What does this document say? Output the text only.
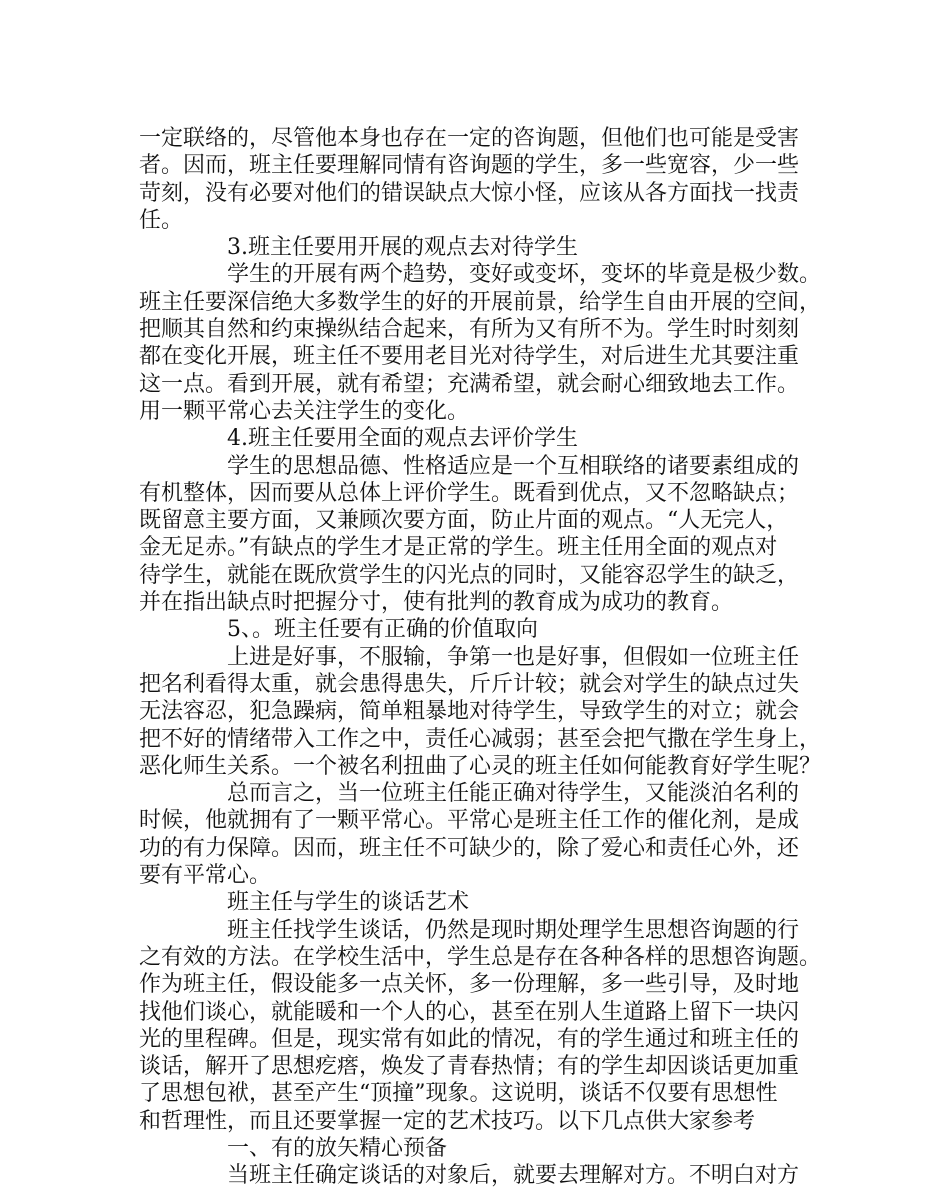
一定联络的，尽管他本身也存在一定的咨询题，但他们也可能是受害
者。因而，班主任要理解同情有咨询题的学生，多一些宽容，少一些
苛刻，没有必要对他们的错误缺点大惊小怪，应该从各方面找一找责
任。
3.班主任要用开展的观点去对待学生
学生的开展有两个趋势，变好或变坏，变坏的毕竟是极少数。
班主任要深信绝大多数学生的好的开展前景，给学生自由开展的空间，
把顺其自然和约束操纵结合起来，有所为又有所不为。学生时时刻刻
都在变化开展，班主任不要用老目光对待学生，对后进生尤其要注重
这一点。看到开展，就有希望；充满希望，就会耐心细致地去工作。
用一颗平常心去关注学生的变化。
4.班主任要用全面的观点去评价学生
学生的思想品德、性格适应是一个互相联络的诸要素组成的
有机整体，因而要从总体上评价学生。既看到优点，又不忽略缺点；
既留意主要方面，又兼顾次要方面，防止片面的观点。“人无完人，
金无足赤。”有缺点的学生才是正常的学生。班主任用全面的观点对
待学生，就能在既欣赏学生的闪光点的同时，又能容忍学生的缺乏，
并在指出缺点时把握分寸，使有批判的教育成为成功的教育。
5、。班主任要有正确的价值取向
上进是好事，不服输，争第一也是好事，但假如一位班主任
把名利看得太重，就会患得患失，斤斤计较；就会对学生的缺点过失
无法容忍，犯急躁病，简单粗暴地对待学生，导致学生的对立；就会
把不好的情绪带入工作之中，责任心减弱；甚至会把气撒在学生身上，
恶化师生关系。一个被名利扭曲了心灵的班主任如何能教育好学生呢？
总而言之，当一位班主任能正确对待学生，又能淡泊名利的
时候，他就拥有了一颗平常心。平常心是班主任工作的催化剂，是成
功的有力保障。因而，班主任不可缺少的，除了爱心和责任心外，还
要有平常心。
班主任与学生的谈话艺术
班主任找学生谈话，仍然是现时期处理学生思想咨询题的行
之有效的方法。在学校生活中，学生总是存在各种各样的思想咨询题。
作为班主任，假设能多一点关怀，多一份理解，多一些引导，及时地
找他们谈心，就能暖和一个人的心，甚至在别人生道路上留下一块闪
光的里程碑。但是，现实常有如此的情况，有的学生通过和班主任的
谈话，解开了思想疙瘩，焕发了青春热情；有的学生却因谈话更加重
了思想包袱，甚至产生“顶撞”现象。这说明，谈话不仅要有思想性
和哲理性，而且还要掌握一定的艺术技巧。以下几点供大家参考
一、有的放矢精心预备
当班主任确定谈话的对象后，就要去理解对方。不明白对方
